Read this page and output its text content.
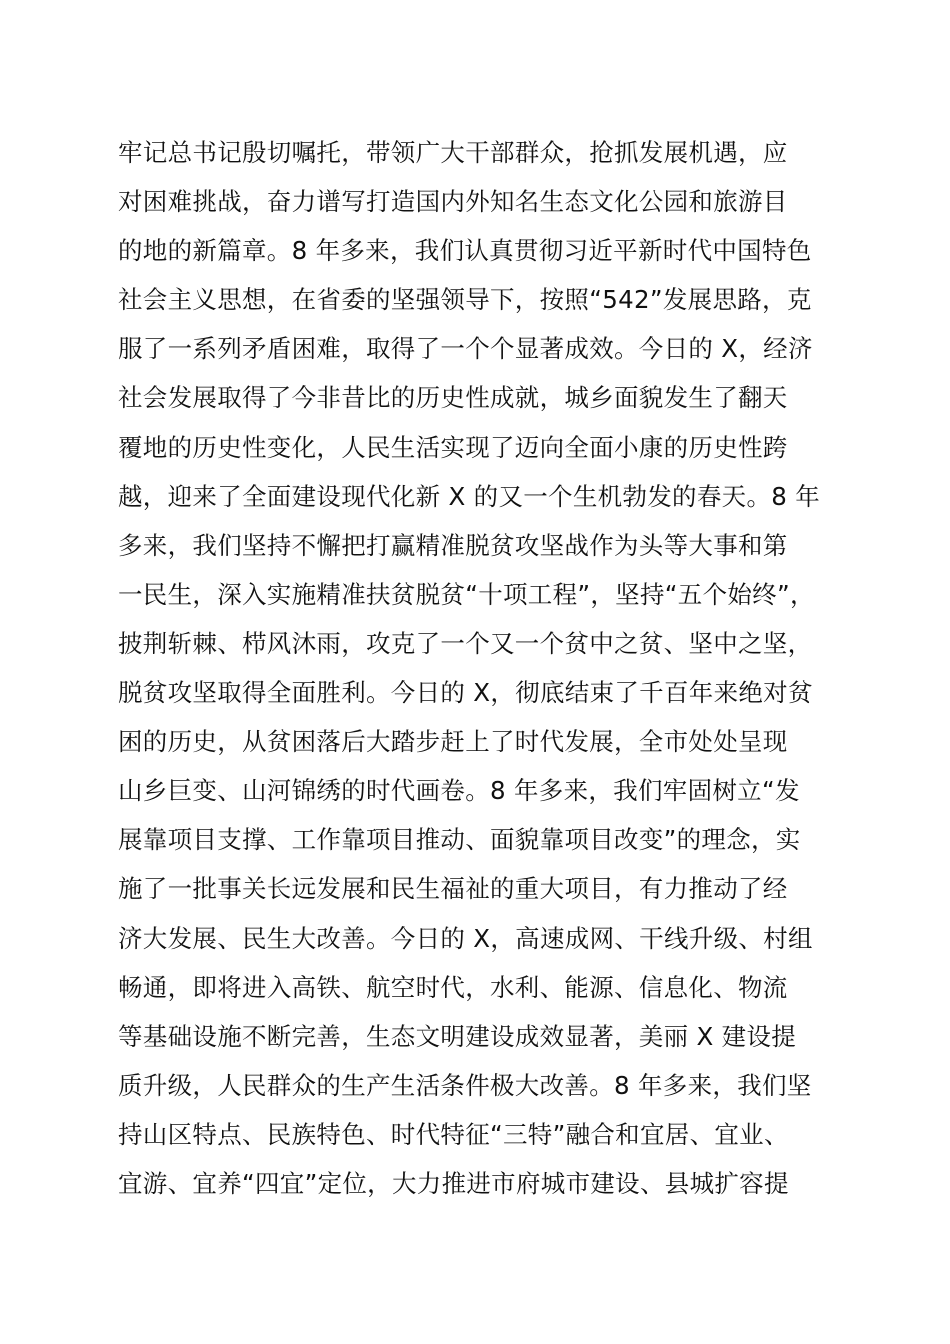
牢记总书记殷切嘱托，带领广大干部群众，抢抓发展机遇，应
对困难挑战，奋力谱写打造国内外知名生态文化公园和旅游目
的地的新篇章。8 年多来，我们认真贯彻习近平新时代中国特色
社会主义思想，在省委的坚强领导下，按照“542”发展思路，克
服了一系列矛盾困难，取得了一个个显著成效。今日的 X，经济
社会发展取得了今非昔比的历史性成就，城乡面貌发生了翻天
覆地的历史性变化，人民生活实现了迈向全面小康的历史性跨
越，迎来了全面建设现代化新 X 的又一个生机勃发的春天。8 年
多来，我们坚持不懈把打赢精准脱贫攻坚战作为头等大事和第
一民生，深入实施精准扶贫脱贫“十项工程”，坚持“五个始终”，
披荆斩棘、栉风沐雨，攻克了一个又一个贫中之贫、坚中之坚，
脱贫攻坚取得全面胜利。今日的 X，彻底结束了千百年来绝对贫
困的历史，从贫困落后大踏步赶上了时代发展，全市处处呈现
山乡巨变、山河锦绣的时代画卷。8 年多来，我们牢固树立“发
展靠项目支撑、工作靠项目推动、面貌靠项目改变”的理念，实
施了一批事关长远发展和民生福祉的重大项目，有力推动了经
济大发展、民生大改善。今日的 X，高速成网、干线升级、村组
畅通，即将进入高铁、航空时代，水利、能源、信息化、物流
等基础设施不断完善，生态文明建设成效显著，美丽 X 建设提
质升级，人民群众的生产生活条件极大改善。8 年多来，我们坚
持山区特点、民族特色、时代特征“三特”融合和宜居、宜业、
宜游、宜养“四宜”定位，大力推进市府城市建设、县城扩容提
